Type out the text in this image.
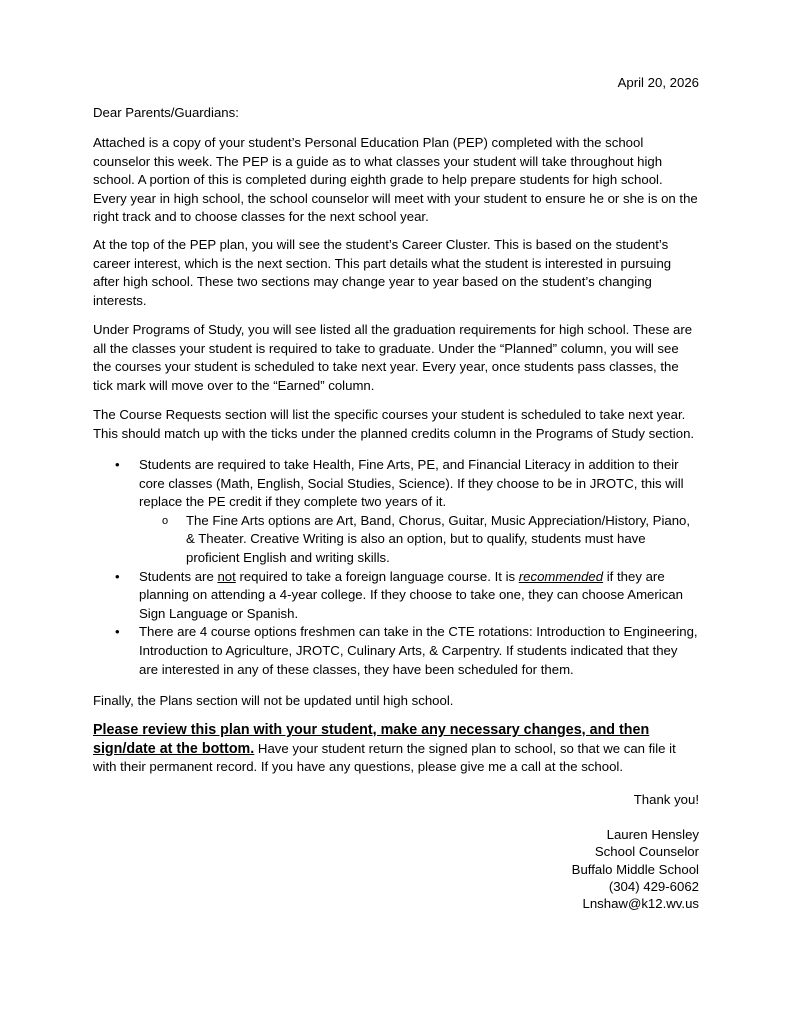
April 20, 2026
Dear Parents/Guardians:

Attached is a copy of your student’s Personal Education Plan (PEP) completed with the school counselor this week. The PEP is a guide as to what classes your student will take throughout high school. A portion of this is completed during eighth grade to help prepare students for high school. Every year in high school, the school counselor will meet with your student to ensure he or she is on the right track and to choose classes for the next school year.

At the top of the PEP plan, you will see the student’s Career Cluster. This is based on the student’s career interest, which is the next section. This part details what the student is interested in pursuing after high school. These two sections may change year to year based on the student’s changing interests.

Under Programs of Study, you will see listed all the graduation requirements for high school. These are all the classes your student is required to take to graduate. Under the “Planned” column, you will see the courses your student is scheduled to take next year. Every year, once students pass classes, the tick mark will move over to the “Earned” column.

The Course Requests section will list the specific courses your student is scheduled to take next year. This should match up with the ticks under the planned credits column in the Programs of Study section.

• Students are required to take Health, Fine Arts, PE, and Financial Literacy in addition to their core classes (Math, English, Social Studies, Science). If they choose to be in JROTC, this will replace the PE credit if they complete two years of it.
o The Fine Arts options are Art, Band, Chorus, Guitar, Music Appreciation/History, Piano, & Theater. Creative Writing is also an option, but to qualify, students must have proficient English and writing skills.
• Students are not required to take a foreign language course. It is recommended if they are planning on attending a 4-year college. If they choose to take one, they can choose American Sign Language or Spanish.
• There are 4 course options freshmen can take in the CTE rotations: Introduction to Engineering, Introduction to Agriculture, JROTC, Culinary Arts, & Carpentry. If students indicated that they are interested in any of these classes, they have been scheduled for them.

Finally, the Plans section will not be updated until high school.

Please review this plan with your student, make any necessary changes, and then sign/date at the bottom. Have your student return the signed plan to school, so that we can file it with their permanent record. If you have any questions, please give me a call at the school.

Thank you!
Lauren Hensley
School Counselor
Buffalo Middle School
(304) 429-6062
Lnshaw@k12.wv.us
